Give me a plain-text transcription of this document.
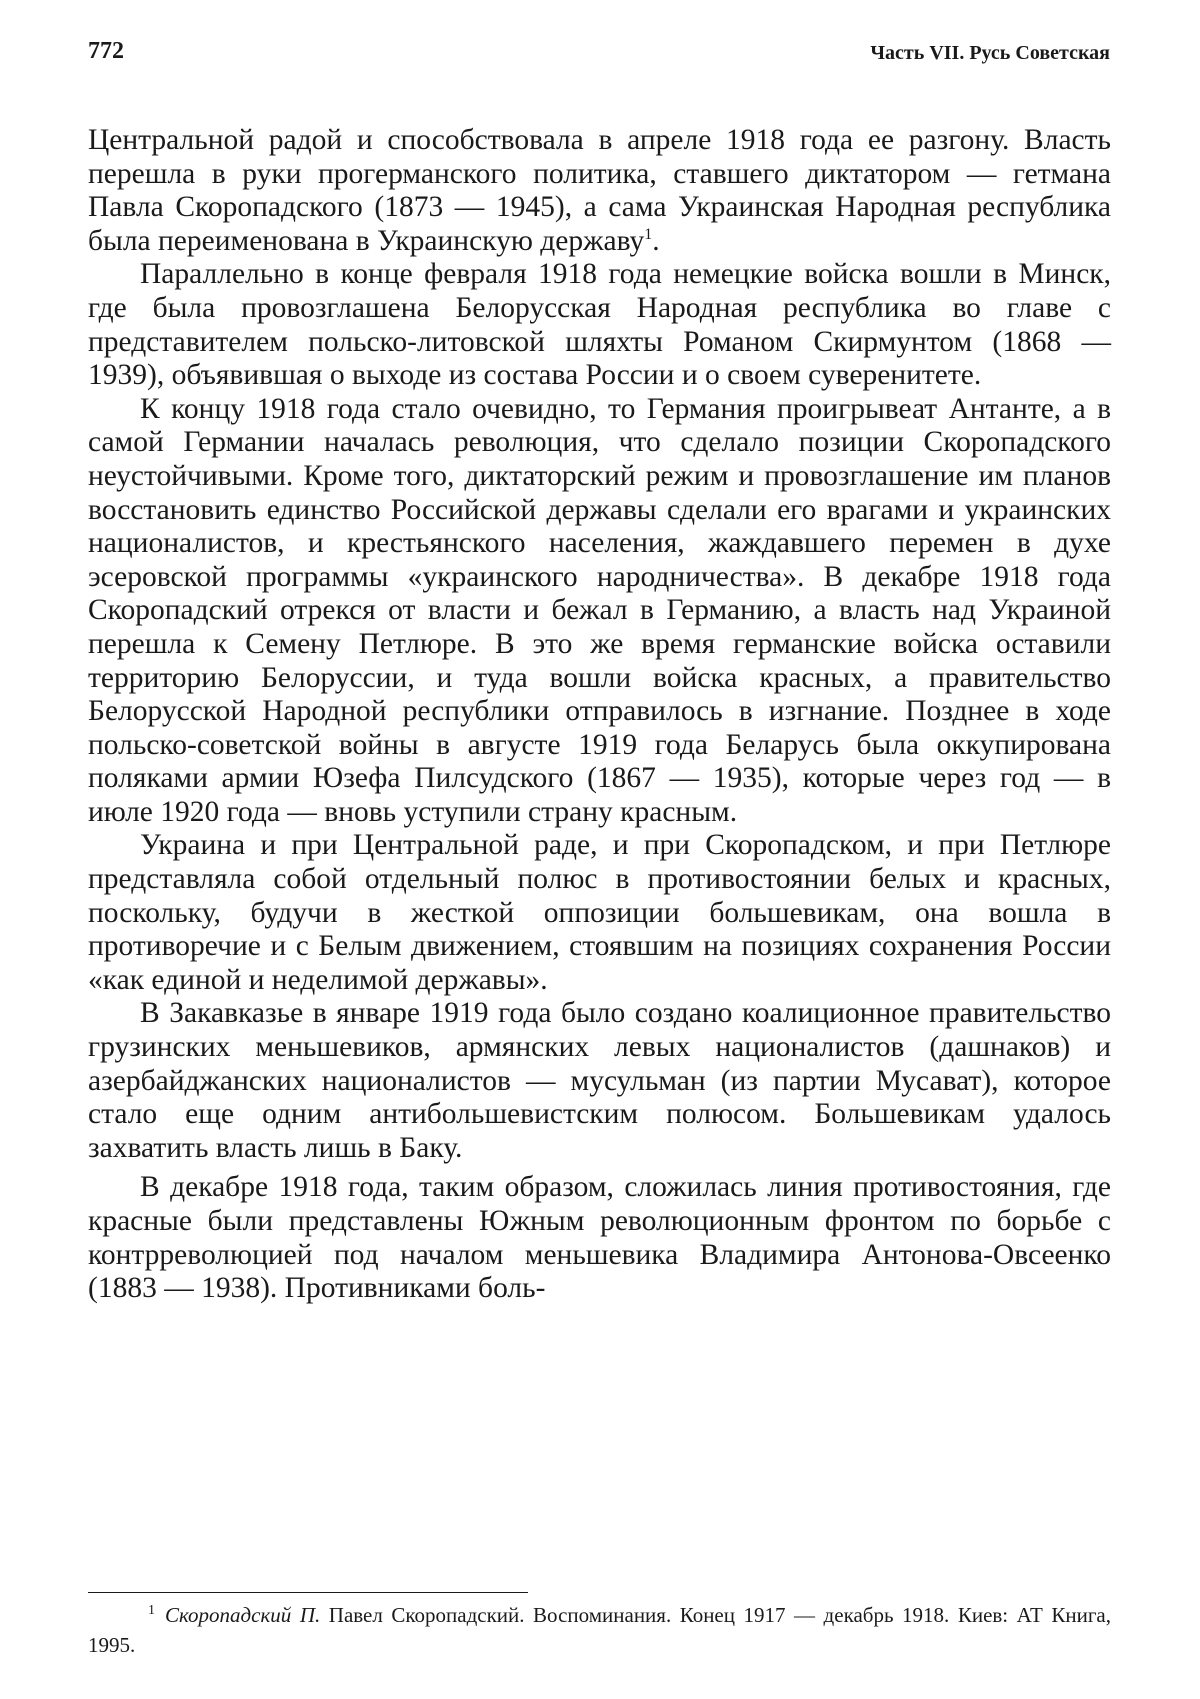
772	Часть VII. Русь Советская

Центральной радой и способствовала в апреле 1918 года ее разгону. Власть перешла в руки прогерманского политика, ставшего дикта­тором — гетмана Павла Скоропадского (1873 — 1945), а сама Укра­инская Народная республика была переименована в Украинскую державу1.

Параллельно в конце февраля 1918 года немецкие войска вошли в Минск, где была провозглашена Белорусская Народная республи­ка во главе с представителем польско-литовской шляхты Романом Скирмунтом (1868 — 1939), объявившая о выходе из состава России и о своем суверенитете.

К концу 1918 года стало очевидно, то Германия проигрывеат Ан­танте, а в самой Германии началась революция, что сделало позиции Скоропадского неустойчивыми. Кроме того, диктаторский режим и провозглашение им планов восстановить единство Российской державы сделали его врагами и украинских националистов, и кре­стьянского населения, жаждавшего перемен в духе эсеровской про­граммы «украинского народничества». В декабре 1918 года Скоро­падский отрекся от власти и бежал в Германию, а власть над Украи­ной перешла к Семену Петлюре. В это же время германские войска оставили территорию Белоруссии, и туда вошли войска красных, а правительство Белорусской Народной республики отправилось в изгнание. Позднее в ходе польско-советской войны в августе 1919 года Беларусь была оккупирована поляками армии Юзефа Пил­судского (1867 — 1935), которые через год — в июле 1920 года — вновь уступили страну красным.

Украина и при Центральной раде, и при Скоропадском, и при Петлюре представляла собой отдельный полюс в противостоянии белых и красных, поскольку, будучи в жесткой оппозиции боль­шевикам, она вошла в противоречие и с Белым движением, стояв­шим на позициях сохранения России «как единой и неделимой державы».

В Закавказье в январе 1919 года было создано коалиционное пра­вительство грузинских меньшевиков, армянских левых национали­стов (дашнаков) и азербайджанских националистов — мусульман (из партии Мусават), которое стало еще одним антибольшевистским полюсом. Большевикам удалось захватить власть лишь в Баку.

В декабре 1918 года, таким образом, сложилась линия противо­стояния, где красные были представлены Южным революционным фронтом по борьбе с контрреволюцией под началом меньшевика Владимира Антонова-Овсеенко (1883 — 1938). Противниками боль-

1 Скоропадский П. Павел Скоропадский. Воспоминания. Конец 1917 — декабрь 1918. Киев: АТ Книга, 1995.
